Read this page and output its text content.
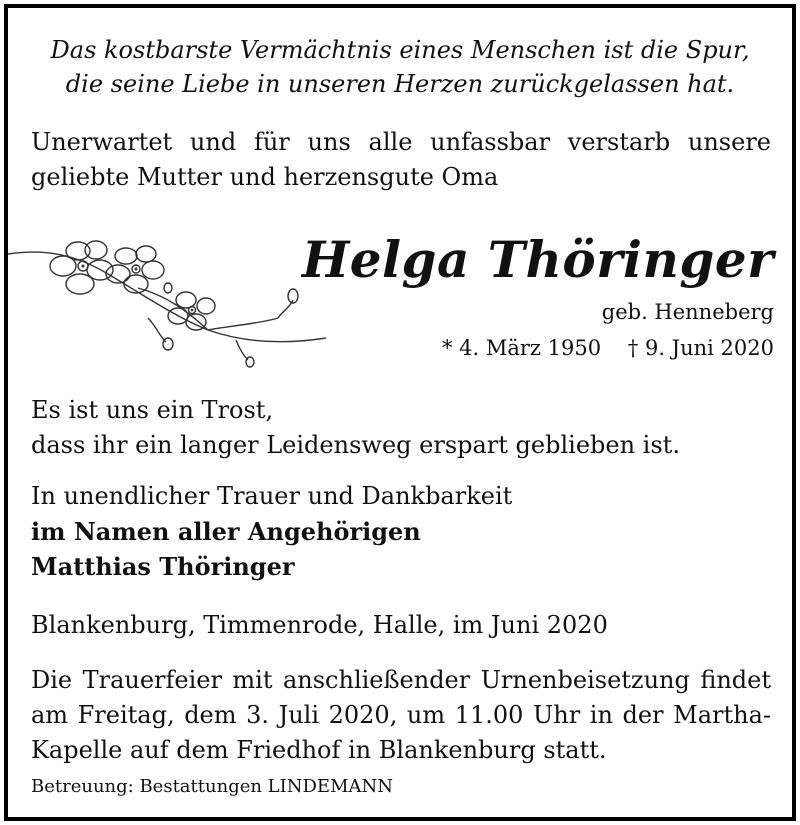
Das kostbarste Vermächtnis eines Menschen ist die Spur,
die seine Liebe in unseren Herzen zurückgelassen hat.
Unerwartet und für uns alle unfassbar verstarb unsere
geliebte Mutter und herzensgute Oma
Helga Thöringer
geb. Henneberg
* 4. März 1950    † 9. Juni 2020
Es ist uns ein Trost,
dass ihr ein langer Leidensweg erspart geblieben ist.
In unendlicher Trauer und Dankbarkeit
im Namen aller Angehörigen
Matthias Thöringer
Blankenburg, Timmenrode, Halle, im Juni 2020
Die Trauerfeier mit anschließender Urnenbeisetzung findet
am Freitag, dem 3. Juli 2020, um 11.00 Uhr in der Martha-
Kapelle auf dem Friedhof in Blankenburg statt.
Betreuung: Bestattungen LINDEMANN
